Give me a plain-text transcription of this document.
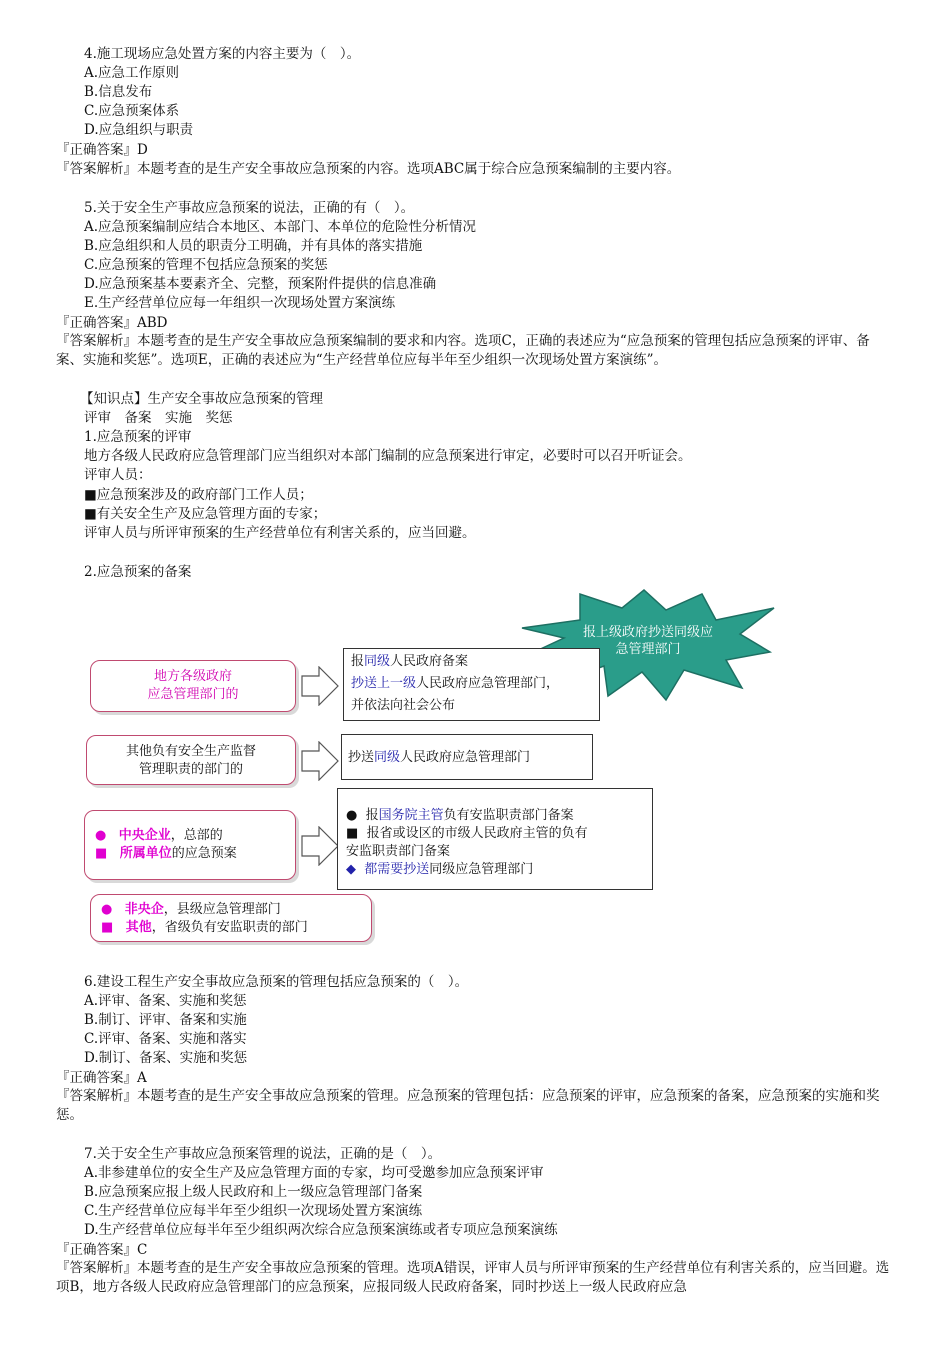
4.施工现场应急处置方案的内容主要为（　）。
A.应急工作原则
B.信息发布
C.应急预案体系
D.应急组织与职责
『正确答案』D
『答案解析』本题考查的是生产安全事故应急预案的内容。选项ABC属于综合应急预案编制的主要内容。
5.关于安全生产事故应急预案的说法，正确的有（　）。
A.应急预案编制应结合本地区、本部门、本单位的危险性分析情况
B.应急组织和人员的职责分工明确，并有具体的落实措施
C.应急预案的管理不包括应急预案的奖惩
D.应急预案基本要素齐全、完整，预案附件提供的信息准确
E.生产经营单位应每一年组织一次现场处置方案演练
『正确答案』ABD
『答案解析』本题考查的是生产安全事故应急预案编制的要求和内容。选项C，正确的表述应为“应急预案的管理包括应急预案的评审、备案、实施和奖惩”。选项E，正确的表述应为“生产经营单位应每半年至少组织一次现场处置方案演练”。
【知识点】生产安全事故应急预案的管理
评审　备案　实施　奖惩
1.应急预案的评审
地方各级人民政府应急管理部门应当组织对本部门编制的应急预案进行审定，必要时可以召开听证会。
评审人员：
■应急预案涉及的政府部门工作人员；
■有关安全生产及应急管理方面的专家；
评审人员与所评审预案的生产经营单位有利害关系的，应当回避。
2.应急预案的备案
报上级政府抄送同级应急管理部门
地方各级政府
应急管理部门的
报同级人民政府备案
抄送上一级人民政府应急管理部门，
并依法向社会公布
其他负有安全生产监督
管理职责的部门的
抄送同级人民政府应急管理部门
● 中央企业，总部的
■ 所属单位的应急预案
● 报国务院主管负有安监职责部门备案
■ 报省或设区的市级人民政府主管的负有
安监职责部门备案
◆ 都需要抄送同级应急管理部门
● 非央企，县级应急管理部门
■ 其他，省级负有安监职责的部门
6.建设工程生产安全事故应急预案的管理包括应急预案的（　）。
A.评审、备案、实施和奖惩
B.制订、评审、备案和实施
C.评审、备案、实施和落实
D.制订、备案、实施和奖惩
『正确答案』A
『答案解析』本题考查的是生产安全事故应急预案的管理。应急预案的管理包括：应急预案的评审，应急预案的备案，应急预案的实施和奖惩。
7.关于安全生产事故应急预案管理的说法，正确的是（　）。
A.非参建单位的安全生产及应急管理方面的专家，均可受邀参加应急预案评审
B.应急预案应报上级人民政府和上一级应急管理部门备案
C.生产经营单位应每半年至少组织一次现场处置方案演练
D.生产经营单位应每半年至少组织两次综合应急预案演练或者专项应急预案演练
『正确答案』C
『答案解析』本题考查的是生产安全事故应急预案的管理。选项A错误，评审人员与所评审预案的生产经营单位有利害关系的，应当回避。选项B，地方各级人民政府应急管理部门的应急预案，应报同级人民政府备案，同时抄送上一级人民政府应急
